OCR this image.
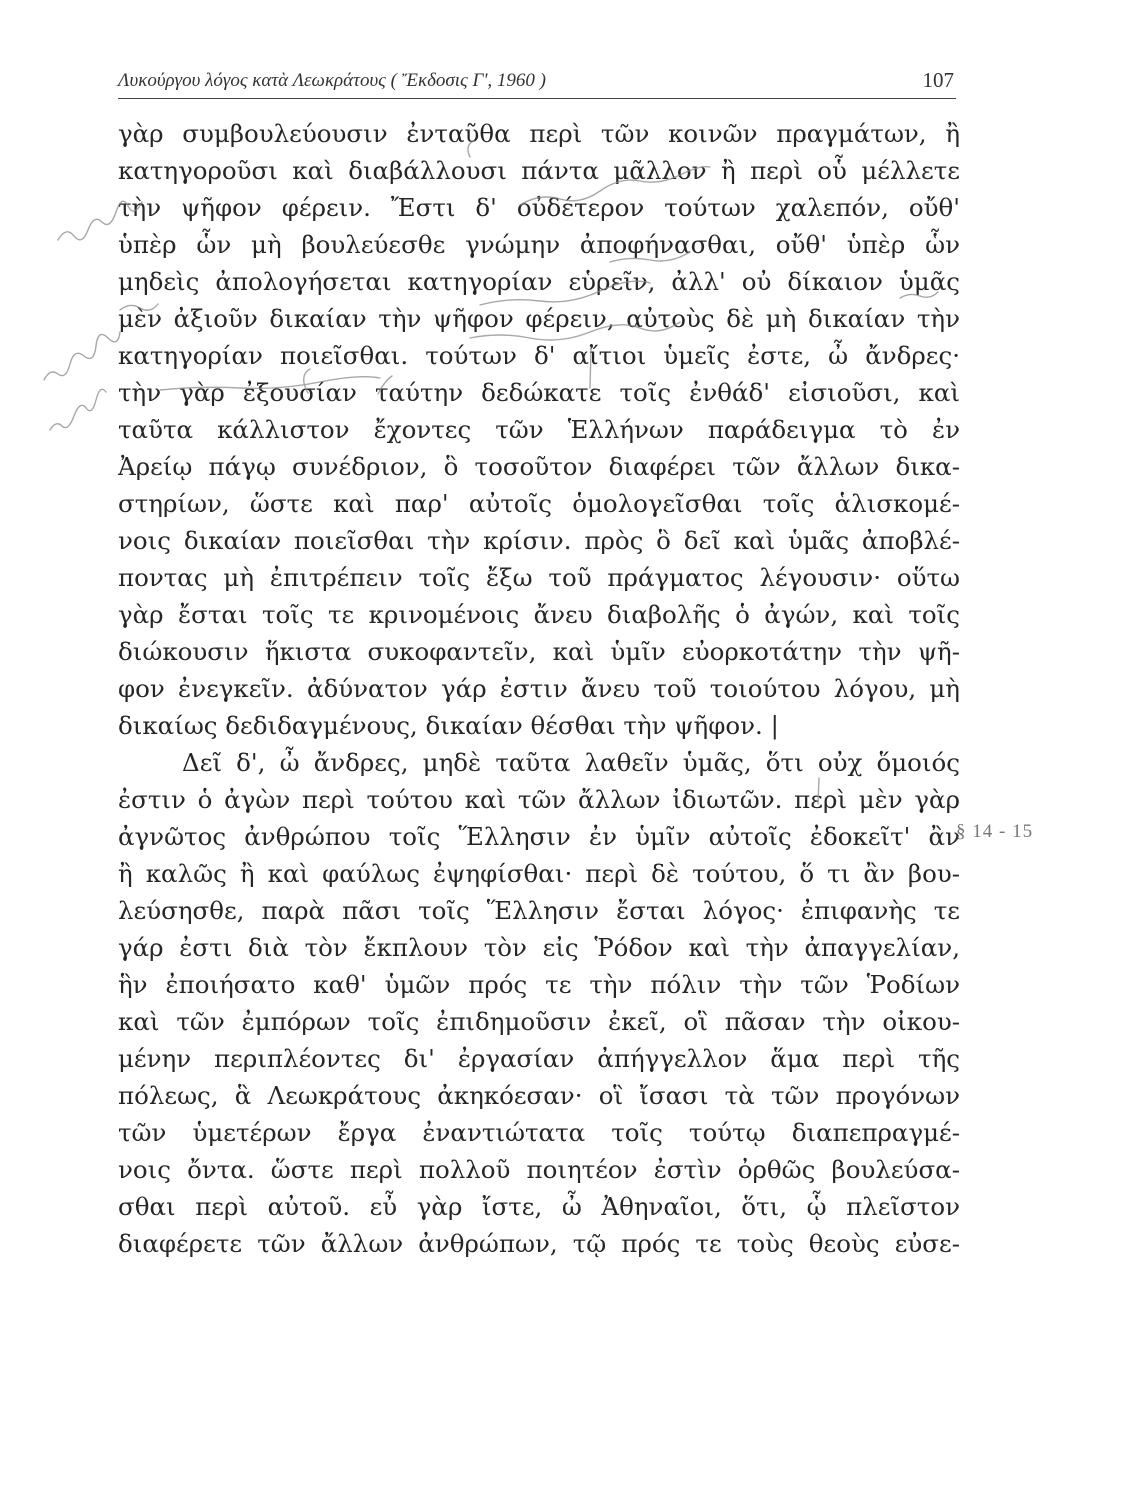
Λυκούργου λόγος κατὰ Λεωκράτους ( Ἔκδοσις Γ', 1960 )	107
γὰρ συμβουλεύουσιν ἐνταῦθα περὶ τῶν κοινῶν πραγμάτων, ἢ
κατηγοροῦσι καὶ διαβάλλουσι πάντα μᾶλλον ἢ περὶ οὗ μέλλετε
τὴν ψῆφον φέρειν. Ἔστι δ' οὐδέτερον τούτων χαλεπόν, οὔθ'
ὑπὲρ ὧν μὴ βουλεύεσθε γνώμην ἀποφήνασθαι, οὔθ' ὑπὲρ ὧν
μηδεὶς ἀπολογήσεται κατηγορίαν εὑρεῖν, ἀλλ' οὐ δίκαιον ὑμᾶς
μὲν ἀξιοῦν δικαίαν τὴν ψῆφον φέρειν, αὐτοὺς δὲ μὴ δικαίαν τὴν
κατηγορίαν ποιεῖσθαι. τούτων δ' αἴτιοι ὑμεῖς ἐστε, ὦ ἄνδρες·
τὴν γὰρ ἐξουσίαν ταύτην δεδώκατε τοῖς ἐνθάδ' εἰσιοῦσι, καὶ
ταῦτα κάλλιστον ἔχοντες τῶν Ἑλλήνων παράδειγμα τὸ ἐν
Ἀρείῳ πάγῳ συνέδριον, ὃ τοσοῦτον διαφέρει τῶν ἄλλων δικα-
στηρίων, ὥστε καὶ παρ' αὐτοῖς ὁμολογεῖσθαι τοῖς ἁλισκομέ-
νοις δικαίαν ποιεῖσθαι τὴν κρίσιν. πρὸς ὃ δεῖ καὶ ὑμᾶς ἀποβλέ-
ποντας μὴ ἐπιτρέπειν τοῖς ἔξω τοῦ πράγματος λέγουσιν· οὕτω
γὰρ ἔσται τοῖς τε κρινομένοις ἄνευ διαβολῆς ὁ ἀγών, καὶ τοῖς
διώκουσιν ἥκιστα συκοφαντεῖν, καὶ ὑμῖν εὐορκοτάτην τὴν ψῆ-
φον ἐνεγκεῖν. ἀδύνατον γάρ ἐστιν ἄνευ τοῦ τοιούτου λόγου, μὴ
δικαίως δεδιδαγμένους, δικαίαν θέσθαι τὴν ψῆφον. |
Δεῖ δ', ὦ ἄνδρες, μηδὲ ταῦτα λαθεῖν ὑμᾶς, ὅτι οὐχ ὅμοιός
ἐστιν ὁ ἀγὼν περὶ τούτου καὶ τῶν ἄλλων ἰδιωτῶν. περὶ μὲν γὰρ
ἀγνῶτος ἀνθρώπου τοῖς Ἕλλησιν ἐν ὑμῖν αὐτοῖς ἐδοκεῖτ' ἂν
ἢ καλῶς ἢ καὶ φαύλως ἐψηφίσθαι· περὶ δὲ τούτου, ὅ τι ἂν βου-
λεύσησθε, παρὰ πᾶσι τοῖς Ἕλλησιν ἔσται λόγος· ἐπιφανὴς τε
γάρ ἐστι διὰ τὸν ἔκπλουν τὸν εἰς Ῥόδον καὶ τὴν ἀπαγγελίαν,
ἣν ἐποιήσατο καθ' ὑμῶν πρός τε τὴν πόλιν τὴν τῶν Ῥοδίων
καὶ τῶν ἐμπόρων τοῖς ἐπιδημοῦσιν ἐκεῖ, οἳ πᾶσαν τὴν οἰκου-
μένην περιπλέοντες δι' ἐργασίαν ἀπήγγελλον ἅμα περὶ τῆς
πόλεως, ἃ Λεωκράτους ἀκηκόεσαν· οἳ ἴσασι τὰ τῶν προγόνων
τῶν ὑμετέρων ἔργα ἐναντιώτατα τοῖς τούτῳ διαπεπραγμέ-
νοις ὄντα. ὥστε περὶ πολλοῦ ποιητέον ἐστὶν ὀρθῶς βουλεύσα-
σθαι περὶ αὐτοῦ. εὖ γὰρ ἴστε, ὦ Ἀθηναῖοι, ὅτι, ᾧ πλεῖστον
διαφέρετε τῶν ἄλλων ἀνθρώπων, τῷ πρός τε τοὺς θεοὺς εὐσε-
§ 14 - 15
